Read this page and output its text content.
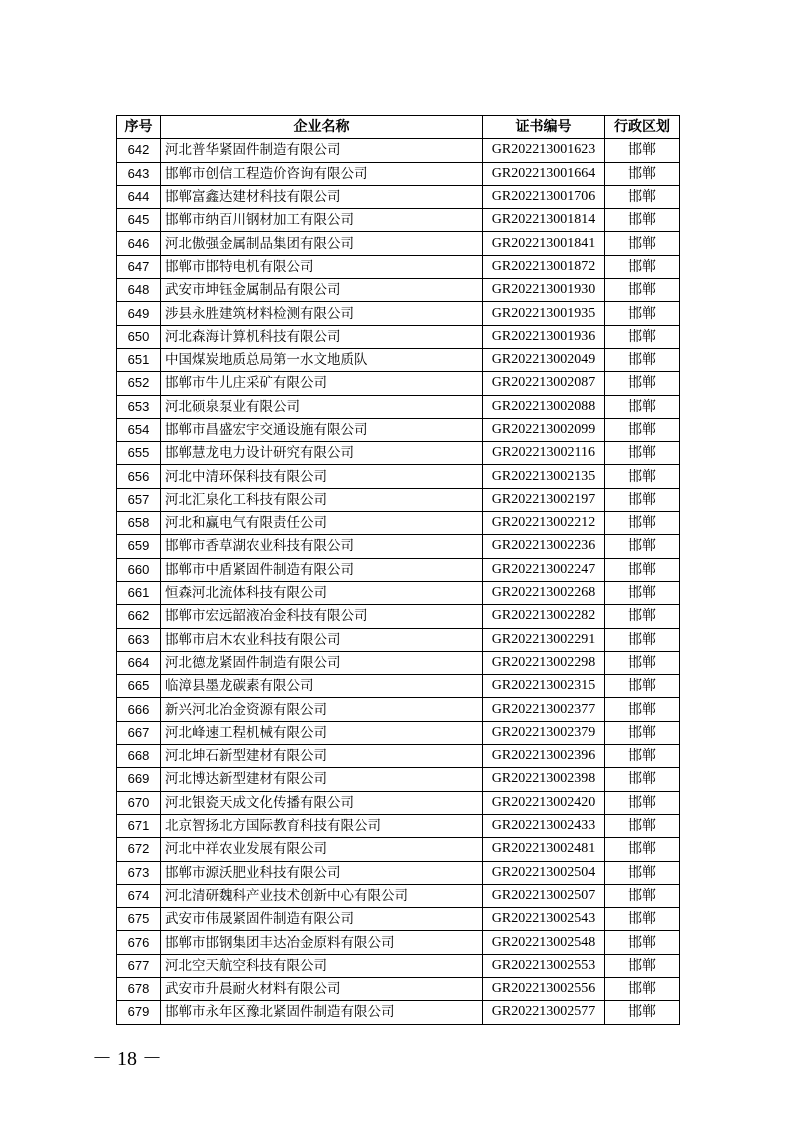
序号	企业名称	证书编号	行政区划
642	河北普华紧固件制造有限公司	GR202213001623	邯郸
643	邯郸市创信工程造价咨询有限公司	GR202213001664	邯郸
644	邯郸富鑫达建材科技有限公司	GR202213001706	邯郸
645	邯郸市纳百川钢材加工有限公司	GR202213001814	邯郸
646	河北傲强金属制品集团有限公司	GR202213001841	邯郸
647	邯郸市邯特电机有限公司	GR202213001872	邯郸
648	武安市坤钰金属制品有限公司	GR202213001930	邯郸
649	涉县永胜建筑材料检测有限公司	GR202213001935	邯郸
650	河北森海计算机科技有限公司	GR202213001936	邯郸
651	中国煤炭地质总局第一水文地质队	GR202213002049	邯郸
652	邯郸市牛儿庄采矿有限公司	GR202213002087	邯郸
653	河北硕泉泵业有限公司	GR202213002088	邯郸
654	邯郸市昌盛宏宇交通设施有限公司	GR202213002099	邯郸
655	邯郸慧龙电力设计研究有限公司	GR202213002116	邯郸
656	河北中清环保科技有限公司	GR202213002135	邯郸
657	河北汇泉化工科技有限公司	GR202213002197	邯郸
658	河北和赢电气有限责任公司	GR202213002212	邯郸
659	邯郸市香草湖农业科技有限公司	GR202213002236	邯郸
660	邯郸市中盾紧固件制造有限公司	GR202213002247	邯郸
661	恒森河北流体科技有限公司	GR202213002268	邯郸
662	邯郸市宏远韶液冶金科技有限公司	GR202213002282	邯郸
663	邯郸市启木农业科技有限公司	GR202213002291	邯郸
664	河北德龙紧固件制造有限公司	GR202213002298	邯郸
665	临漳县墨龙碳素有限公司	GR202213002315	邯郸
666	新兴河北冶金资源有限公司	GR202213002377	邯郸
667	河北峰速工程机械有限公司	GR202213002379	邯郸
668	河北坤石新型建材有限公司	GR202213002396	邯郸
669	河北博达新型建材有限公司	GR202213002398	邯郸
670	河北银瓷天成文化传播有限公司	GR202213002420	邯郸
671	北京智扬北方国际教育科技有限公司	GR202213002433	邯郸
672	河北中祥农业发展有限公司	GR202213002481	邯郸
673	邯郸市源沃肥业科技有限公司	GR202213002504	邯郸
674	河北清研魏科产业技术创新中心有限公司	GR202213002507	邯郸
675	武安市伟晟紧固件制造有限公司	GR202213002543	邯郸
676	邯郸市邯钢集团丰达冶金原料有限公司	GR202213002548	邯郸
677	河北空天航空科技有限公司	GR202213002553	邯郸
678	武安市升晨耐火材料有限公司	GR202213002556	邯郸
679	邯郸市永年区豫北紧固件制造有限公司	GR202213002577	邯郸
－ 18 －
